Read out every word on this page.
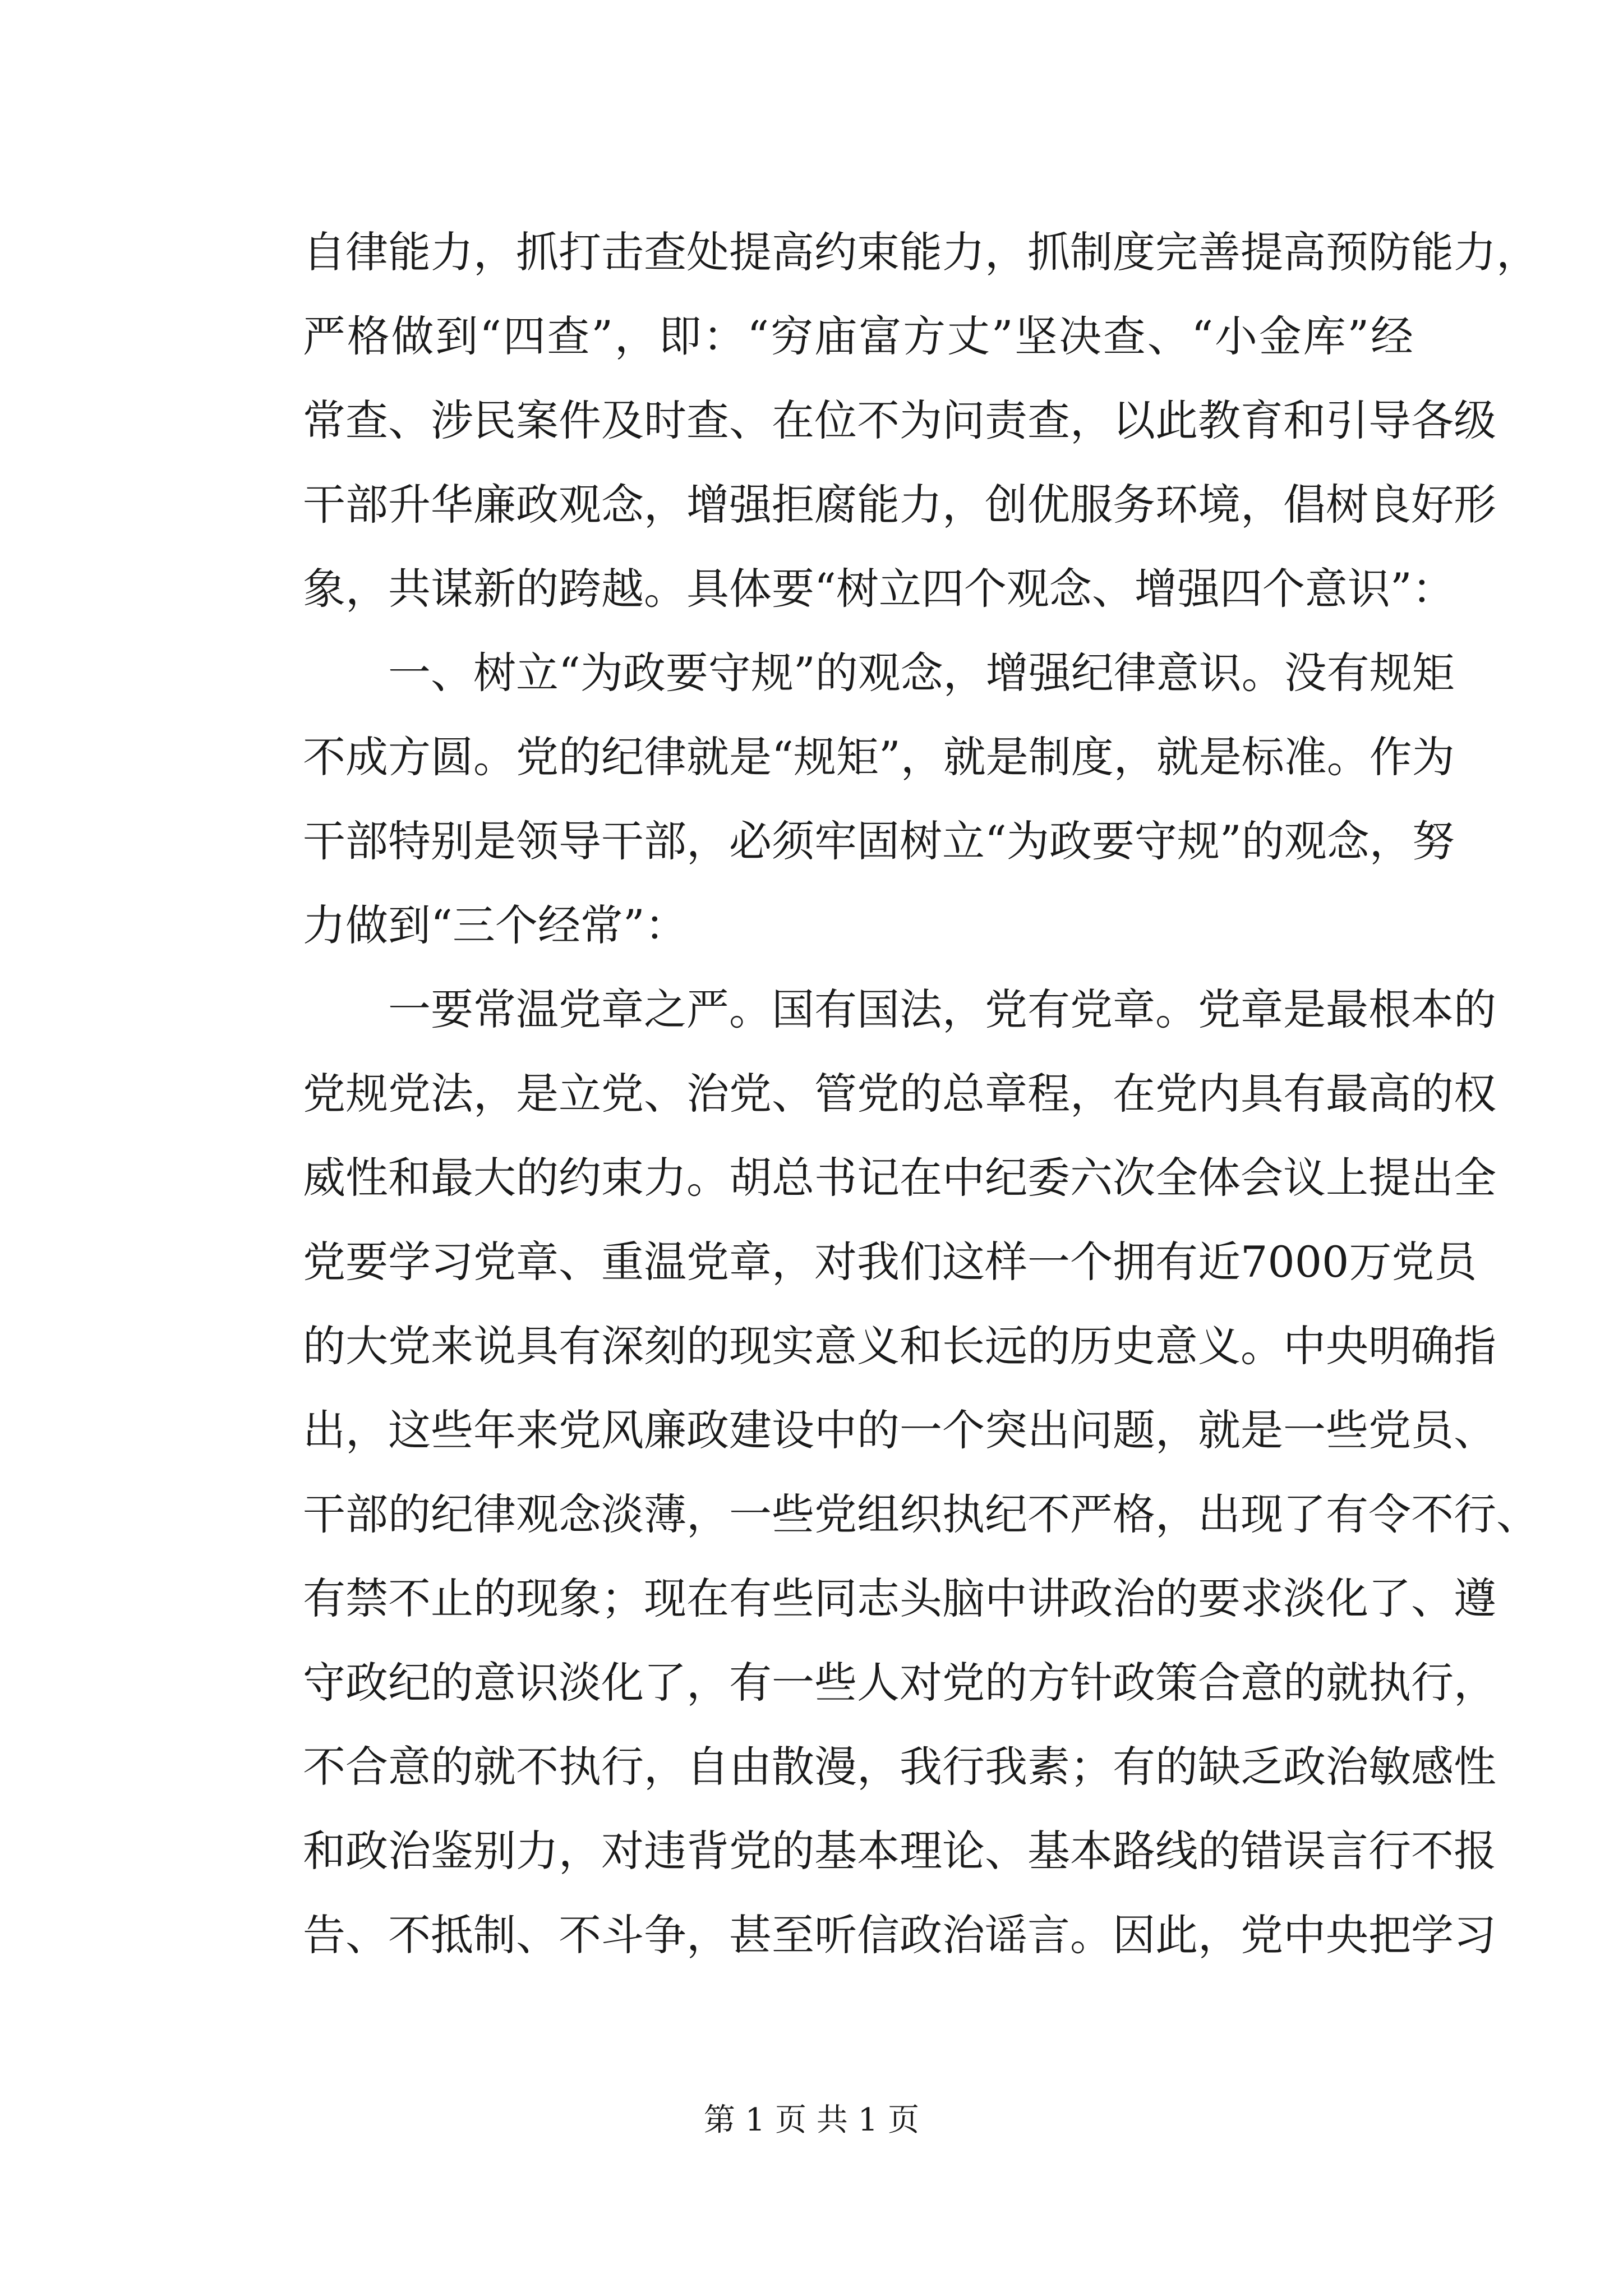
自律能力，抓打击查处提高约束能力，抓制度完善提高预防能力，
严格做到“四查”，即：“穷庙富方丈”坚决查、“小金库”经
常查、涉民案件及时查、在位不为问责查，以此教育和引导各级
干部升华廉政观念，增强拒腐能力，创优服务环境，倡树良好形
象，共谋新的跨越。具体要“树立四个观念、增强四个意识”：
　　一、树立“为政要守规”的观念，增强纪律意识。没有规矩
不成方圆。党的纪律就是“规矩”，就是制度，就是标准。作为
干部特别是领导干部，必须牢固树立“为政要守规”的观念，努
力做到“三个经常”：
　　一要常温党章之严。国有国法，党有党章。党章是最根本的
党规党法，是立党、治党、管党的总章程，在党内具有最高的权
威性和最大的约束力。胡总书记在中纪委六次全体会议上提出全
党要学习党章、重温党章，对我们这样一个拥有近7000万党员
的大党来说具有深刻的现实意义和长远的历史意义。中央明确指
出，这些年来党风廉政建设中的一个突出问题，就是一些党员、
干部的纪律观念淡薄，一些党组织执纪不严格，出现了有令不行、
有禁不止的现象；现在有些同志头脑中讲政治的要求淡化了、遵
守政纪的意识淡化了，有一些人对党的方针政策合意的就执行，
不合意的就不执行，自由散漫，我行我素；有的缺乏政治敏感性
和政治鉴别力，对违背党的基本理论、基本路线的错误言行不报
告、不抵制、不斗争，甚至听信政治谣言。因此，党中央把学习
第 1 页 共 1 页
